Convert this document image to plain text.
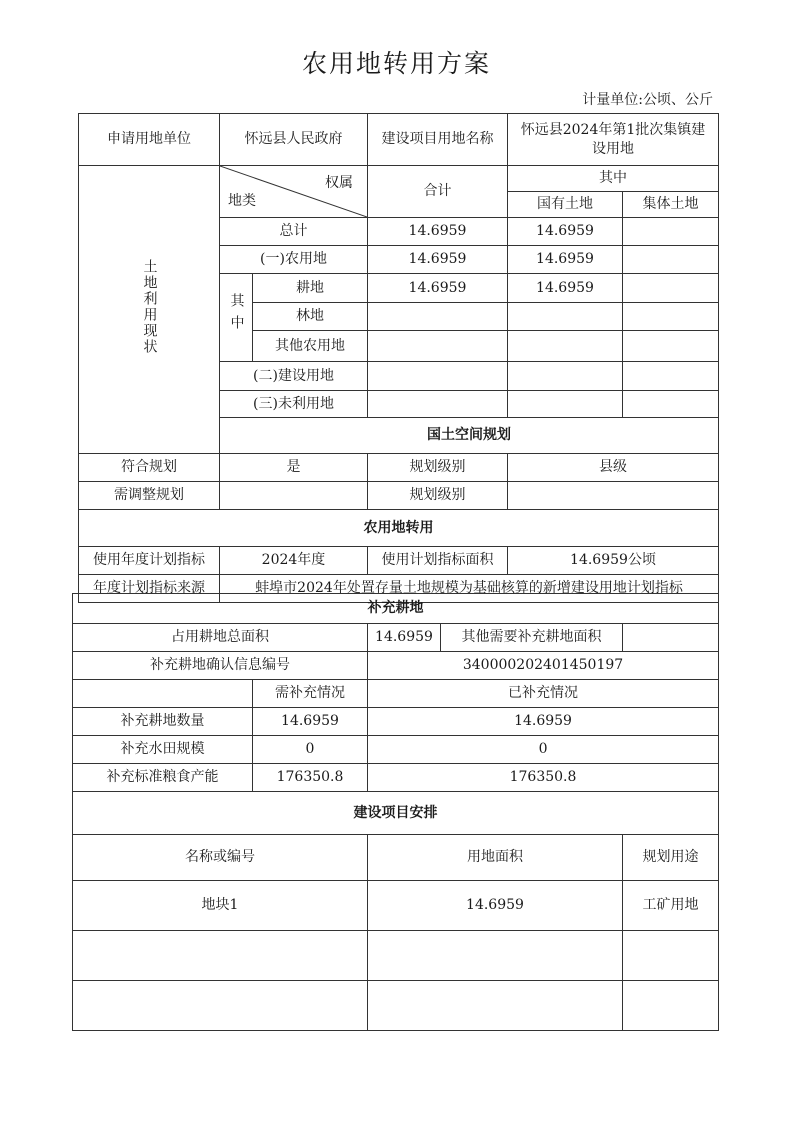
农用地转用方案
计量单位:公顷、公斤
申请用地单位	怀远县人民政府		建设项目用地名称	怀远县2024年第1批次集镇建设用地	
土地利用现状	权属
地类		合计	其中	
				国有土地	集体土地
	总计		14.6959	14.6959	
	(一)农用地		14.6959	14.6959	
	其中	耕地	14.6959	14.6959	
		林地			
		其他农用地			
	(二)建设用地				
	(三)未利用地				
	国土空间规划				
符合规划	是		规划级别	县级	
需调整规划			规划级别		
农用地转用					
使用年度计划指标	2024年度		使用计划指标面积	14.6959公顷	
年度计划指标来源	蚌埠市2024年处置存量土地规模为基础核算的新增建设用地计划指标				
补充耕地				
占用耕地总面积		14.6959	其他需要补充耕地面积	
补充耕地确认信息编号		340000202401450197		
	需补充情况	已补充情况		
补充耕地数量	14.6959	14.6959		
补充水田规模	0	0		
补充标准粮食产能	176350.8	176350.8		
建设项目安排				
名称或编号		用地面积		规划用途
地块1		14.6959		工矿用地
